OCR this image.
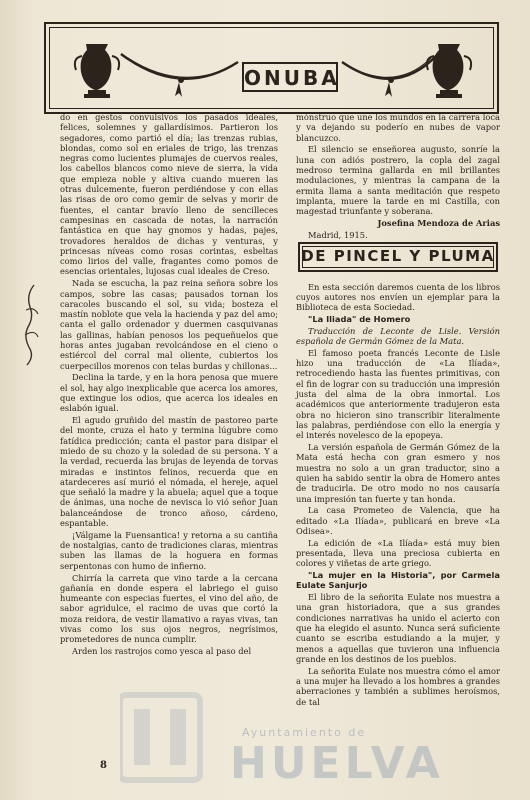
ONUBA

do en gestos convulsivos los pasados ideales, felices, solemnes y gallardísimos. Partieron los segadores, como partió el día; las trenzas rubias, blondas, como sol en eriales de trigo, las trenzas negras como lucientes plumajes de cuervos reales, los cabellos blancos como nieve de sierra, la vida que empieza noble y altiva cuando mueren las otras dulcemente, fueron perdiéndose y con ellas las risas de oro como gemir de selvas y morir de fuentes, el cantar bravío lleno de sencilleces campesinas en cascada de notas, la narración fantástica en que hay gnomos y hadas, pajes, trovadores heraldos de dichas y venturas, y princesas níveas como rosas corintas, esbeltas como lirios del valle, fragantes como pomos de esencias orientales, lujosas cual ideales de Creso.

Nada se escucha, la paz reina señora sobre los campos, sobre las casas; pausados tornan los caracoles buscando el sol, su vida; bosteza el mastín noblote que vela la hacienda y paz del amo; canta el gallo ordenador y duermen casquivanas las gallinas, habían penosos los pequeñuelos que horas antes jugaban revolcándose en el cieno o estiércol del corral mal oliente, cubiertos los cuerpecillos morenos con telas burdas y chillonas...

Declina la tarde, y en la hora penosa que muere el sol, hay algo inexplicable que acerca los amores, que extingue los odios, que acerca los ideales en eslabón igual.

El agudo gruñido del mastín de pastoreo parte del monte, cruza el hato y termina lúgubre como fatídica predicción; canta el pastor para disipar el miedo de su chozo y la soledad de su persona. Y a la verdad, recuerda las brujas de leyenda de torvas miradas e instintos felinos, recuerda que en atardeceres así murió el nómada, el hereje, aquel que señaló la madre y la abuela; aquel que a toque de ánimas, una noche de nevisca lo vió señor Juan balanceándose de tronco añoso, cárdeno, espantable.

¡Válgame la Fuensantica! y retorna a su cantiña de nostalgias, canto de tradiciones claras, mientras suben las llamas de la hoguera en formas serpentonas con humo de infierno.

Chirría la carreta que vino tarde a la cercana gañanía en donde espera el labriego el guiso humeante con especias fuertes, el vino del año, de sabor agridulce, el racimo de uvas que cortó la moza reidora, de vestir llamativo a rayas vivas, tan vivas como los sus ojos negros, negrísimos, prometedores de nunca cumplir.

Arden los rastrojos como yesca al paso del

mónstruo que une los mundos en la carrera loca y va dejando su poderío en nubes de vapor blancuzco.

El silencio se enseñorea augusto, sonríe la luna con adiós postrero, la copla del zagal medroso termina gallarda en mil brillantes modulaciones, y mientras la campana de la ermita llama a santa meditación que respeto implanta, muere la tarde en mi Castilla, con magestad triunfante y soberana.

Josefina Mendoza de Arias

Madrid, 1915.

DE PINCEL Y PLUMA

En esta sección daremos cuenta de los libros cuyos autores nos envíen un ejemplar para la Biblioteca de esta Sociedad.

"La Iliada" de Homero

Traducción de Leconte de Lisle. Versión española de Germán Gómez de la Mata.

El famoso poeta francés Leconte de Lisle hizo una traducción de «La Ilíada», retrocediendo hasta las fuentes primitivas, con el fin de lograr con su traducción una impresión justa del alma de la obra inmortal. Los académicos que anteriormente tradujeron esta obra no hicieron sino transcribir literalmente las palabras, perdiéndose con ello la energía y el interés novelesco de la epopeya.

La versión española de Germán Gómez de la Mata está hecha con gran esmero y nos muestra no solo a un gran traductor, sino a quien ha sabido sentir la obra de Homero antes de traducirla. De otro modo no nos causaría una impresión tan fuerte y tan honda.

La casa Prometeo de Valencia, que ha editado «La Ilíada», publicará en breve «La Odisea».

La edición de «La Ilíada» está muy bien presentada, lleva una preciosa cubierta en colores y viñetas de arte griego.

"La mujer en la Historia", por Carmela Eulate Sanjurjo

El libro de la señorita Eulate nos muestra a una gran historiadora, que a sus grandes condiciones narrativas ha unido el acierto con que ha elegido el asunto. Nunca será suficiente cuanto se escriba estudiando a la mujer, y menos a aquellas que tuvieron una influencia grande en los destinos de los pueblos.

La señorita Eulate nos muestra cómo el amor a una mujer ha llevado a los hombres a grandes aberraciones y también a sublimes heroísmos, de tal

8
Ayuntamiento de
HUELVA
